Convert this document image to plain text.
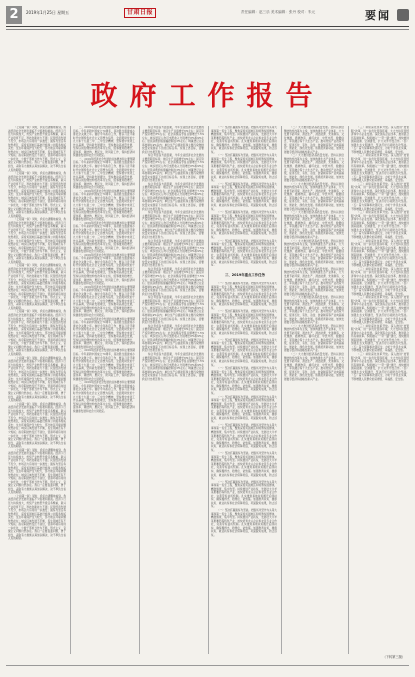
2	2019年1月25日 星期五	甘肃日报	责任编辑：赵三乐 美术编辑：张丹 校对：朱元	要闻
政府工作报告

（上接第一版）同时，我们也清醒地看到，我省经济社会发展仍面临不少困难和挑战。经济下行压力持续加大，传统产业转型升级任务繁重，新兴产业培育不足，科技创新能力不强；民营经济发展不充分，市场活力有待进一步激发；脱贫攻坚任务依然艰巨，深度贫困地区基础设施和公共服务短板突出；生态环境保护压力较大，部分地区环境问题依然存在；城乡区域发展不平衡，民生领域还有不少短板；政府职能转变还不到位，营商环境有待进一步优化，少数干部担当作为不够，形式主义、官僚主义问题仍然存在。我们一定要直面问题，勇于担当，采取有力措施认真加以解决，决不辜负全省人民的期望。

（上接第一版）同时，我们也清醒地看到，我省经济社会发展仍面临不少困难和挑战。经济下行压力持续加大，传统产业转型升级任务繁重，新兴产业培育不足，科技创新能力不强；民营经济发展不充分，市场活力有待进一步激发；脱贫攻坚任务依然艰巨，深度贫困地区基础设施和公共服务短板突出；生态环境保护压力较大，部分地区环境问题依然存在；城乡区域发展不平衡，民生领域还有不少短板；政府职能转变还不到位，营商环境有待进一步优化，少数干部担当作为不够，形式主义、官僚主义问题仍然存在。我们一定要直面问题，勇于担当，采取有力措施认真加以解决，决不辜负全省人民的期望。

（上接第一版）同时，我们也清醒地看到，我省经济社会发展仍面临不少困难和挑战。经济下行压力持续加大，传统产业转型升级任务繁重，新兴产业培育不足，科技创新能力不强；民营经济发展不充分，市场活力有待进一步激发；脱贫攻坚任务依然艰巨，深度贫困地区基础设施和公共服务短板突出；生态环境保护压力较大，部分地区环境问题依然存在；城乡区域发展不平衡，民生领域还有不少短板；政府职能转变还不到位，营商环境有待进一步优化，少数干部担当作为不够，形式主义、官僚主义问题仍然存在。我们一定要直面问题，勇于担当，采取有力措施认真加以解决，决不辜负全省人民的期望。

（上接第一版）同时，我们也清醒地看到，我省经济社会发展仍面临不少困难和挑战。经济下行压力持续加大，传统产业转型升级任务繁重，新兴产业培育不足，科技创新能力不强；民营经济发展不充分，市场活力有待进一步激发；脱贫攻坚任务依然艰巨，深度贫困地区基础设施和公共服务短板突出；生态环境保护压力较大，部分地区环境问题依然存在；城乡区域发展不平衡，民生领域还有不少短板；政府职能转变还不到位，营商环境有待进一步优化，少数干部担当作为不够，形式主义、官僚主义问题仍然存在。我们一定要直面问题，勇于担当，采取有力措施认真加以解决，决不辜负全省人民的期望。

（上接第一版）同时，我们也清醒地看到，我省经济社会发展仍面临不少困难和挑战。经济下行压力持续加大，传统产业转型升级任务繁重，新兴产业培育不足，科技创新能力不强；民营经济发展不充分，市场活力有待进一步激发；脱贫攻坚任务依然艰巨，深度贫困地区基础设施和公共服务短板突出；生态环境保护压力较大，部分地区环境问题依然存在；城乡区域发展不平衡，民生领域还有不少短板；政府职能转变还不到位，营商环境有待进一步优化，少数干部担当作为不够，形式主义、官僚主义问题仍然存在。我们一定要直面问题，勇于担当，采取有力措施认真加以解决，决不辜负全省人民的期望。

（上接第一版）同时，我们也清醒地看到，我省经济社会发展仍面临不少困难和挑战。经济下行压力持续加大，传统产业转型升级任务繁重，新兴产业培育不足，科技创新能力不强；民营经济发展不充分，市场活力有待进一步激发；脱贫攻坚任务依然艰巨，深度贫困地区基础设施和公共服务短板突出；生态环境保护压力较大，部分地区环境问题依然存在；城乡区域发展不平衡，民生领域还有不少短板；政府职能转变还不到位，营商环境有待进一步优化，少数干部担当作为不够，形式主义、官僚主义问题仍然存在。我们一定要直面问题，勇于担当，采取有力措施认真加以解决，决不辜负全省人民的期望。

（上接第一版）同时，我们也清醒地看到，我省经济社会发展仍面临不少困难和挑战。经济下行压力持续加大，传统产业转型升级任务繁重，新兴产业培育不足，科技创新能力不强；民营经济发展不充分，市场活力有待进一步激发；脱贫攻坚任务依然艰巨，深度贫困地区基础设施和公共服务短板突出；生态环境保护压力较大，部分地区环境问题依然存在；城乡区域发展不平衡，民生领域还有不少短板；政府职能转变还不到位，营商环境有待进一步优化，少数干部担当作为不够，形式主义、官僚主义问题仍然存在。我们一定要直面问题，勇于担当，采取有力措施认真加以解决，决不辜负全省人民的期望。

（上接第一版）同时，我们也清醒地看到，我省经济社会发展仍面临不少困难和挑战。经济下行压力持续加大，传统产业转型升级任务繁重，新兴产业培育不足，科技创新能力不强；民营经济发展不充分，市场活力有待进一步激发；脱贫攻坚任务依然艰巨，深度贫困地区基础设施和公共服务短板突出；生态环境保护压力较大，部分地区环境问题依然存在；城乡区域发展不平衡，民生领域还有不少短板；政府职能转变还不到位，营商环境有待进一步优化，少数干部担当作为不够，形式主义、官僚主义问题仍然存在。我们一定要直面问题，勇于担当，采取有力措施认真加以解决，决不辜负全省人民的期望。

（上接第一版）同时，我们也清醒地看到，我省经济社会发展仍面临不少困难和挑战。经济下行压力持续加大，传统产业转型升级任务繁重，新兴产业培育不足，科技创新能力不强；民营经济发展不充分，市场活力有待进一步激发；脱贫攻坚任务依然艰巨，深度贫困地区基础设施和公共服务短板突出；生态环境保护压力较大，部分地区环境问题依然存在；城乡区域发展不平衡，民生领域还有不少短板；政府职能转变还不到位，营商环境有待进一步优化，少数干部担当作为不够，形式主义、官僚主义问题仍然存在。我们一定要直面问题，勇于担当，采取有力措施认真加以解决，决不辜负全省人民的期望。

二、2019年经济社会发展的总体要求和主要预期目标。今年是新中国成立70周年，是决胜全面建成小康社会关键之年。做好今年政府工作，要以习近平新时代中国特色社会主义思想为指导，全面贯彻党的十九大和十九届二中、三中全会精神，坚持稳中求进工作总基调，坚持新发展理念，坚持推动高质量发展，坚持以供给侧结构性改革为主线，统筹推进稳增长、促改革、调结构、惠民生、防风险工作，保持经济持续健康发展和社会大局稳定。

二、2019年经济社会发展的总体要求和主要预期目标。今年是新中国成立70周年，是决胜全面建成小康社会关键之年。做好今年政府工作，要以习近平新时代中国特色社会主义思想为指导，全面贯彻党的十九大和十九届二中、三中全会精神，坚持稳中求进工作总基调，坚持新发展理念，坚持推动高质量发展，坚持以供给侧结构性改革为主线，统筹推进稳增长、促改革、调结构、惠民生、防风险工作，保持经济持续健康发展和社会大局稳定。

二、2019年经济社会发展的总体要求和主要预期目标。今年是新中国成立70周年，是决胜全面建成小康社会关键之年。做好今年政府工作，要以习近平新时代中国特色社会主义思想为指导，全面贯彻党的十九大和十九届二中、三中全会精神，坚持稳中求进工作总基调，坚持新发展理念，坚持推动高质量发展，坚持以供给侧结构性改革为主线，统筹推进稳增长、促改革、调结构、惠民生、防风险工作，保持经济持续健康发展和社会大局稳定。

二、2019年经济社会发展的总体要求和主要预期目标。今年是新中国成立70周年，是决胜全面建成小康社会关键之年。做好今年政府工作，要以习近平新时代中国特色社会主义思想为指导，全面贯彻党的十九大和十九届二中、三中全会精神，坚持稳中求进工作总基调，坚持新发展理念，坚持推动高质量发展，坚持以供给侧结构性改革为主线，统筹推进稳增长、促改革、调结构、惠民生、防风险工作，保持经济持续健康发展和社会大局稳定。

二、2019年经济社会发展的总体要求和主要预期目标。今年是新中国成立70周年，是决胜全面建成小康社会关键之年。做好今年政府工作，要以习近平新时代中国特色社会主义思想为指导，全面贯彻党的十九大和十九届二中、三中全会精神，坚持稳中求进工作总基调，坚持新发展理念，坚持推动高质量发展，坚持以供给侧结构性改革为主线，统筹推进稳增长、促改革、调结构、惠民生、防风险工作，保持经济持续健康发展和社会大局稳定。

二、2019年经济社会发展的总体要求和主要预期目标。今年是新中国成立70周年，是决胜全面建成小康社会关键之年。做好今年政府工作，要以习近平新时代中国特色社会主义思想为指导，全面贯彻党的十九大和十九届二中、三中全会精神，坚持稳中求进工作总基调，坚持新发展理念，坚持推动高质量发展，坚持以供给侧结构性改革为主线，统筹推进稳增长、促改革、调结构、惠民生、防风险工作，保持经济持续健康发展和社会大局稳定。

二、2019年经济社会发展的总体要求和主要预期目标。今年是新中国成立70周年，是决胜全面建成小康社会关键之年。做好今年政府工作，要以习近平新时代中国特色社会主义思想为指导，全面贯彻党的十九大和十九届二中、三中全会精神，坚持稳中求进工作总基调，坚持新发展理念，坚持推动高质量发展，坚持以供给侧结构性改革为主线，统筹推进稳增长、促改革、调结构、惠民生、防风险工作，保持经济持续健康发展和社会大局稳定。

二、2019年经济社会发展的总体要求和主要预期目标。今年是新中国成立70周年，是决胜全面建成小康社会关键之年。做好今年政府工作，要以习近平新时代中国特色社会主义思想为指导，全面贯彻党的十九大和十九届二中、三中全会精神，坚持稳中求进工作总基调，坚持新发展理念，坚持推动高质量发展，坚持以供给侧结构性改革为主线，统筹推进稳增长、促改革、调结构、惠民生、防风险工作，保持经济持续健康发展和社会大局稳定。

二、2019年经济社会发展的总体要求和主要预期目标。今年是新中国成立70周年，是决胜全面建成小康社会关键之年。做好今年政府工作，要以习近平新时代中国特色社会主义思想为指导，全面贯彻党的十九大和十九届二中、三中全会精神，坚持稳中求进工作总基调，坚持新发展理念，坚持推动高质量发展，坚持以供给侧结构性改革为主线，统筹推进稳增长、促改革、调结构、惠民生、防风险工作，保持经济持续健康发展和社会大局稳定。

综合考虑各方面因素，今年全省经济社会发展的主要预期目标是：地区生产总值增长6%左右；固定资产投资增长6%左右；社会消费品零售总额增长7.5%左右；城乡居民人均可支配收入分别增长8%和9%左右；居民消费价格涨幅控制在3%左右；城镇登记失业率控制在4%以内；单位生产总值能耗和主要污染物排放量完成国家下达的目标任务。实现上述目标，需要我们付出艰苦努力。

综合考虑各方面因素，今年全省经济社会发展的主要预期目标是：地区生产总值增长6%左右；固定资产投资增长6%左右；社会消费品零售总额增长7.5%左右；城乡居民人均可支配收入分别增长8%和9%左右；居民消费价格涨幅控制在3%左右；城镇登记失业率控制在4%以内；单位生产总值能耗和主要污染物排放量完成国家下达的目标任务。实现上述目标，需要我们付出艰苦努力。

综合考虑各方面因素，今年全省经济社会发展的主要预期目标是：地区生产总值增长6%左右；固定资产投资增长6%左右；社会消费品零售总额增长7.5%左右；城乡居民人均可支配收入分别增长8%和9%左右；居民消费价格涨幅控制在3%左右；城镇登记失业率控制在4%以内；单位生产总值能耗和主要污染物排放量完成国家下达的目标任务。实现上述目标，需要我们付出艰苦努力。

综合考虑各方面因素，今年全省经济社会发展的主要预期目标是：地区生产总值增长6%左右；固定资产投资增长6%左右；社会消费品零售总额增长7.5%左右；城乡居民人均可支配收入分别增长8%和9%左右；居民消费价格涨幅控制在3%左右；城镇登记失业率控制在4%以内；单位生产总值能耗和主要污染物排放量完成国家下达的目标任务。实现上述目标，需要我们付出艰苦努力。

综合考虑各方面因素，今年全省经济社会发展的主要预期目标是：地区生产总值增长6%左右；固定资产投资增长6%左右；社会消费品零售总额增长7.5%左右；城乡居民人均可支配收入分别增长8%和9%左右；居民消费价格涨幅控制在3%左右；城镇登记失业率控制在4%以内；单位生产总值能耗和主要污染物排放量完成国家下达的目标任务。实现上述目标，需要我们付出艰苦努力。

综合考虑各方面因素，今年全省经济社会发展的主要预期目标是：地区生产总值增长6%左右；固定资产投资增长6%左右；社会消费品零售总额增长7.5%左右；城乡居民人均可支配收入分别增长8%和9%左右；居民消费价格涨幅控制在3%左右；城镇登记失业率控制在4%以内；单位生产总值能耗和主要污染物排放量完成国家下达的目标任务。实现上述目标，需要我们付出艰苦努力。

综合考虑各方面因素，今年全省经济社会发展的主要预期目标是：地区生产总值增长6%左右；固定资产投资增长6%左右；社会消费品零售总额增长7.5%左右；城乡居民人均可支配收入分别增长8%和9%左右；居民消费价格涨幅控制在3%左右；城镇登记失业率控制在4%以内；单位生产总值能耗和主要污染物排放量完成国家下达的目标任务。实现上述目标，需要我们付出艰苦努力。

综合考虑各方面因素，今年全省经济社会发展的主要预期目标是：地区生产总值增长6%左右；固定资产投资增长6%左右；社会消费品零售总额增长7.5%左右；城乡居民人均可支配收入分别增长8%和9%左右；居民消费价格涨幅控制在3%左右；城镇登记失业率控制在4%以内；单位生产总值能耗和主要污染物排放量完成国家下达的目标任务。实现上述目标，需要我们付出艰苦努力。

综合考虑各方面因素，今年全省经济社会发展的主要预期目标是：地区生产总值增长6%左右；固定资产投资增长6%左右；社会消费品零售总额增长7.5%左右；城乡居民人均可支配收入分别增长8%和9%左右；居民消费价格涨幅控制在3%左右；城镇登记失业率控制在4%以内；单位生产总值能耗和主要污染物排放量完成国家下达的目标任务。实现上述目标，需要我们付出艰苦努力。

三、2019年重点工作任务

（一）坚决打赢脱贫攻坚战。把脱贫攻坚作为头等大事和第一民生工程，聚焦深度贫困地区和特殊贫困群体，精准施策，集中攻坚。持续推进产业扶贫，发展壮大牛羊菜果薯药等特色产业，加快培育龙头企业和农民专业合作社，完善带贫益贫机制。扎实推进易地扶贫搬迁后续扶持，确保搬得出、稳得住、能致富。加强教育扶贫、健康扶贫、就业扶贫和社会保障兜底，巩固脱贫成果，防止返贫。

（一）坚决打赢脱贫攻坚战。把脱贫攻坚作为头等大事和第一民生工程，聚焦深度贫困地区和特殊贫困群体，精准施策，集中攻坚。持续推进产业扶贫，发展壮大牛羊菜果薯药等特色产业，加快培育龙头企业和农民专业合作社，完善带贫益贫机制。扎实推进易地扶贫搬迁后续扶持，确保搬得出、稳得住、能致富。加强教育扶贫、健康扶贫、就业扶贫和社会保障兜底，巩固脱贫成果，防止返贫。

（一）坚决打赢脱贫攻坚战。把脱贫攻坚作为头等大事和第一民生工程，聚焦深度贫困地区和特殊贫困群体，精准施策，集中攻坚。持续推进产业扶贫，发展壮大牛羊菜果薯药等特色产业，加快培育龙头企业和农民专业合作社，完善带贫益贫机制。扎实推进易地扶贫搬迁后续扶持，确保搬得出、稳得住、能致富。加强教育扶贫、健康扶贫、就业扶贫和社会保障兜底，巩固脱贫成果，防止返贫。

（一）坚决打赢脱贫攻坚战。把脱贫攻坚作为头等大事和第一民生工程，聚焦深度贫困地区和特殊贫困群体，精准施策，集中攻坚。持续推进产业扶贫，发展壮大牛羊菜果薯药等特色产业，加快培育龙头企业和农民专业合作社，完善带贫益贫机制。扎实推进易地扶贫搬迁后续扶持，确保搬得出、稳得住、能致富。加强教育扶贫、健康扶贫、就业扶贫和社会保障兜底，巩固脱贫成果，防止返贫。

（一）坚决打赢脱贫攻坚战。把脱贫攻坚作为头等大事和第一民生工程，聚焦深度贫困地区和特殊贫困群体，精准施策，集中攻坚。持续推进产业扶贫，发展壮大牛羊菜果薯药等特色产业，加快培育龙头企业和农民专业合作社，完善带贫益贫机制。扎实推进易地扶贫搬迁后续扶持，确保搬得出、稳得住、能致富。加强教育扶贫、健康扶贫、就业扶贫和社会保障兜底，巩固脱贫成果，防止返贫。

（一）坚决打赢脱贫攻坚战。把脱贫攻坚作为头等大事和第一民生工程，聚焦深度贫困地区和特殊贫困群体，精准施策，集中攻坚。持续推进产业扶贫，发展壮大牛羊菜果薯药等特色产业，加快培育龙头企业和农民专业合作社，完善带贫益贫机制。扎实推进易地扶贫搬迁后续扶持，确保搬得出、稳得住、能致富。加强教育扶贫、健康扶贫、就业扶贫和社会保障兜底，巩固脱贫成果，防止返贫。

（一）坚决打赢脱贫攻坚战。把脱贫攻坚作为头等大事和第一民生工程，聚焦深度贫困地区和特殊贫困群体，精准施策，集中攻坚。持续推进产业扶贫，发展壮大牛羊菜果薯药等特色产业，加快培育龙头企业和农民专业合作社，完善带贫益贫机制。扎实推进易地扶贫搬迁后续扶持，确保搬得出、稳得住、能致富。加强教育扶贫、健康扶贫、就业扶贫和社会保障兜底，巩固脱贫成果，防止返贫。

（一）坚决打赢脱贫攻坚战。把脱贫攻坚作为头等大事和第一民生工程，聚焦深度贫困地区和特殊贫困群体，精准施策，集中攻坚。持续推进产业扶贫，发展壮大牛羊菜果薯药等特色产业，加快培育龙头企业和农民专业合作社，完善带贫益贫机制。扎实推进易地扶贫搬迁后续扶持，确保搬得出、稳得住、能致富。加强教育扶贫、健康扶贫、就业扶贫和社会保障兜底，巩固脱贫成果，防止返贫。

（一）坚决打赢脱贫攻坚战。把脱贫攻坚作为头等大事和第一民生工程，聚焦深度贫困地区和特殊贫困群体，精准施策，集中攻坚。持续推进产业扶贫，发展壮大牛羊菜果薯药等特色产业，加快培育龙头企业和农民专业合作社，完善带贫益贫机制。扎实推进易地扶贫搬迁后续扶持，确保搬得出、稳得住、能致富。加强教育扶贫、健康扶贫、就业扶贫和社会保障兜底，巩固脱贫成果，防止返贫。

（一）坚决打赢脱贫攻坚战。把脱贫攻坚作为头等大事和第一民生工程，聚焦深度贫困地区和特殊贫困群体，精准施策，集中攻坚。持续推进产业扶贫，发展壮大牛羊菜果薯药等特色产业，加快培育龙头企业和农民专业合作社，完善带贫益贫机制。扎实推进易地扶贫搬迁后续扶持，确保搬得出、稳得住、能致富。加强教育扶贫、健康扶贫、就业扶贫和社会保障兜底，巩固脱贫成果，防止返贫。

（一）坚决打赢脱贫攻坚战。把脱贫攻坚作为头等大事和第一民生工程，聚焦深度贫困地区和特殊贫困群体，精准施策，集中攻坚。持续推进产业扶贫，发展壮大牛羊菜果薯药等特色产业，加快培育龙头企业和农民专业合作社，完善带贫益贫机制。扎实推进易地扶贫搬迁后续扶持，确保搬得出、稳得住、能致富。加强教育扶贫、健康扶贫、就业扶贫和社会保障兜底，巩固脱贫成果，防止返贫。

（一）坚决打赢脱贫攻坚战。把脱贫攻坚作为头等大事和第一民生工程，聚焦深度贫困地区和特殊贫困群体，精准施策，集中攻坚。持续推进产业扶贫，发展壮大牛羊菜果薯药等特色产业，加快培育龙头企业和农民专业合作社，完善带贫益贫机制。扎实推进易地扶贫搬迁后续扶持，确保搬得出、稳得住、能致富。加强教育扶贫、健康扶贫、就业扶贫和社会保障兜底，巩固脱贫成果，防止返贫。

（一）坚决打赢脱贫攻坚战。把脱贫攻坚作为头等大事和第一民生工程，聚焦深度贫困地区和特殊贫困群体，精准施策，集中攻坚。持续推进产业扶贫，发展壮大牛羊菜果薯药等特色产业，加快培育龙头企业和农民专业合作社，完善带贫益贫机制。扎实推进易地扶贫搬迁后续扶持，确保搬得出、稳得住、能致富。加强教育扶贫、健康扶贫、就业扶贫和社会保障兜底，巩固脱贫成果，防止返贫。

（一）坚决打赢脱贫攻坚战。把脱贫攻坚作为头等大事和第一民生工程，聚焦深度贫困地区和特殊贫困群体，精准施策，集中攻坚。持续推进产业扶贫，发展壮大牛羊菜果薯药等特色产业，加快培育龙头企业和农民专业合作社，完善带贫益贫机制。扎实推进易地扶贫搬迁后续扶持，确保搬得出、稳得住、能致富。加强教育扶贫、健康扶贫、就业扶贫和社会保障兜底，巩固脱贫成果，防止返贫。

（二）大力推进经济高质量发展。坚持以供给侧结构性改革为主线，加快构建生态产业体系，大力发展节能环保、清洁生产、清洁能源、先进制造、文化旅游、通道物流、循环农业、中医中药、数据信息、军民融合等十大生态产业。推动传统产业改造升级，促进石化、有色、冶金、装备制造等产业向高端化、智能化、绿色化发展。积极培育新动能，加快发展数字经济和战略性新兴产业。

（二）大力推进经济高质量发展。坚持以供给侧结构性改革为主线，加快构建生态产业体系，大力发展节能环保、清洁生产、清洁能源、先进制造、文化旅游、通道物流、循环农业、中医中药、数据信息、军民融合等十大生态产业。推动传统产业改造升级，促进石化、有色、冶金、装备制造等产业向高端化、智能化、绿色化发展。积极培育新动能，加快发展数字经济和战略性新兴产业。

（二）大力推进经济高质量发展。坚持以供给侧结构性改革为主线，加快构建生态产业体系，大力发展节能环保、清洁生产、清洁能源、先进制造、文化旅游、通道物流、循环农业、中医中药、数据信息、军民融合等十大生态产业。推动传统产业改造升级，促进石化、有色、冶金、装备制造等产业向高端化、智能化、绿色化发展。积极培育新动能，加快发展数字经济和战略性新兴产业。

（二）大力推进经济高质量发展。坚持以供给侧结构性改革为主线，加快构建生态产业体系，大力发展节能环保、清洁生产、清洁能源、先进制造、文化旅游、通道物流、循环农业、中医中药、数据信息、军民融合等十大生态产业。推动传统产业改造升级，促进石化、有色、冶金、装备制造等产业向高端化、智能化、绿色化发展。积极培育新动能，加快发展数字经济和战略性新兴产业。

（二）大力推进经济高质量发展。坚持以供给侧结构性改革为主线，加快构建生态产业体系，大力发展节能环保、清洁生产、清洁能源、先进制造、文化旅游、通道物流、循环农业、中医中药、数据信息、军民融合等十大生态产业。推动传统产业改造升级，促进石化、有色、冶金、装备制造等产业向高端化、智能化、绿色化发展。积极培育新动能，加快发展数字经济和战略性新兴产业。

（二）大力推进经济高质量发展。坚持以供给侧结构性改革为主线，加快构建生态产业体系，大力发展节能环保、清洁生产、清洁能源、先进制造、文化旅游、通道物流、循环农业、中医中药、数据信息、军民融合等十大生态产业。推动传统产业改造升级，促进石化、有色、冶金、装备制造等产业向高端化、智能化、绿色化发展。积极培育新动能，加快发展数字经济和战略性新兴产业。

（二）大力推进经济高质量发展。坚持以供给侧结构性改革为主线，加快构建生态产业体系，大力发展节能环保、清洁生产、清洁能源、先进制造、文化旅游、通道物流、循环农业、中医中药、数据信息、军民融合等十大生态产业。推动传统产业改造升级，促进石化、有色、冶金、装备制造等产业向高端化、智能化、绿色化发展。积极培育新动能，加快发展数字经济和战略性新兴产业。

（二）大力推进经济高质量发展。坚持以供给侧结构性改革为主线，加快构建生态产业体系，大力发展节能环保、清洁生产、清洁能源、先进制造、文化旅游、通道物流、循环农业、中医中药、数据信息、军民融合等十大生态产业。推动传统产业改造升级，促进石化、有色、冶金、装备制造等产业向高端化、智能化、绿色化发展。积极培育新动能，加快发展数字经济和战略性新兴产业。

（二）大力推进经济高质量发展。坚持以供给侧结构性改革为主线，加快构建生态产业体系，大力发展节能环保、清洁生产、清洁能源、先进制造、文化旅游、通道物流、循环农业、中医中药、数据信息、军民融合等十大生态产业。推动传统产业改造升级，促进石化、有色、冶金、装备制造等产业向高端化、智能化、绿色化发展。积极培育新动能，加快发展数字经济和战略性新兴产业。

（三）持续深化改革开放。深入推进“放管服”改革，进一步优化营商环境，大力支持民营经济和中小企业发展。深化国有企业改革，推进混合所有制改革。积极融入“一带一路”建设，加快推进国际陆港、空港建设，扩大对外开放合作。（四）加强生态文明建设，坚决打好污染防治攻坚战。（五）着力保障和改善民生，办好十件民生实事，不断增强人民群众的获得感、幸福感、安全感。

（三）持续深化改革开放。深入推进“放管服”改革，进一步优化营商环境，大力支持民营经济和中小企业发展。深化国有企业改革，推进混合所有制改革。积极融入“一带一路”建设，加快推进国际陆港、空港建设，扩大对外开放合作。（四）加强生态文明建设，坚决打好污染防治攻坚战。（五）着力保障和改善民生，办好十件民生实事，不断增强人民群众的获得感、幸福感、安全感。

（三）持续深化改革开放。深入推进“放管服”改革，进一步优化营商环境，大力支持民营经济和中小企业发展。深化国有企业改革，推进混合所有制改革。积极融入“一带一路”建设，加快推进国际陆港、空港建设，扩大对外开放合作。（四）加强生态文明建设，坚决打好污染防治攻坚战。（五）着力保障和改善民生，办好十件民生实事，不断增强人民群众的获得感、幸福感、安全感。

（三）持续深化改革开放。深入推进“放管服”改革，进一步优化营商环境，大力支持民营经济和中小企业发展。深化国有企业改革，推进混合所有制改革。积极融入“一带一路”建设，加快推进国际陆港、空港建设，扩大对外开放合作。（四）加强生态文明建设，坚决打好污染防治攻坚战。（五）着力保障和改善民生，办好十件民生实事，不断增强人民群众的获得感、幸福感、安全感。

（三）持续深化改革开放。深入推进“放管服”改革，进一步优化营商环境，大力支持民营经济和中小企业发展。深化国有企业改革，推进混合所有制改革。积极融入“一带一路”建设，加快推进国际陆港、空港建设，扩大对外开放合作。（四）加强生态文明建设，坚决打好污染防治攻坚战。（五）着力保障和改善民生，办好十件民生实事，不断增强人民群众的获得感、幸福感、安全感。

（三）持续深化改革开放。深入推进“放管服”改革，进一步优化营商环境，大力支持民营经济和中小企业发展。深化国有企业改革，推进混合所有制改革。积极融入“一带一路”建设，加快推进国际陆港、空港建设，扩大对外开放合作。（四）加强生态文明建设，坚决打好污染防治攻坚战。（五）着力保障和改善民生，办好十件民生实事，不断增强人民群众的获得感、幸福感、安全感。

（三）持续深化改革开放。深入推进“放管服”改革，进一步优化营商环境，大力支持民营经济和中小企业发展。深化国有企业改革，推进混合所有制改革。积极融入“一带一路”建设，加快推进国际陆港、空港建设，扩大对外开放合作。（四）加强生态文明建设，坚决打好污染防治攻坚战。（五）着力保障和改善民生，办好十件民生实事，不断增强人民群众的获得感、幸福感、安全感。

（三）持续深化改革开放。深入推进“放管服”改革，进一步优化营商环境，大力支持民营经济和中小企业发展。深化国有企业改革，推进混合所有制改革。积极融入“一带一路”建设，加快推进国际陆港、空港建设，扩大对外开放合作。（四）加强生态文明建设，坚决打好污染防治攻坚战。（五）着力保障和改善民生，办好十件民生实事，不断增强人民群众的获得感、幸福感、安全感。

（三）持续深化改革开放。深入推进“放管服”改革，进一步优化营商环境，大力支持民营经济和中小企业发展。深化国有企业改革，推进混合所有制改革。积极融入“一带一路”建设，加快推进国际陆港、空港建设，扩大对外开放合作。（四）加强生态文明建设，坚决打好污染防治攻坚战。（五）着力保障和改善民生，办好十件民生实事，不断增强人民群众的获得感、幸福感、安全感。

（下转第三版）
